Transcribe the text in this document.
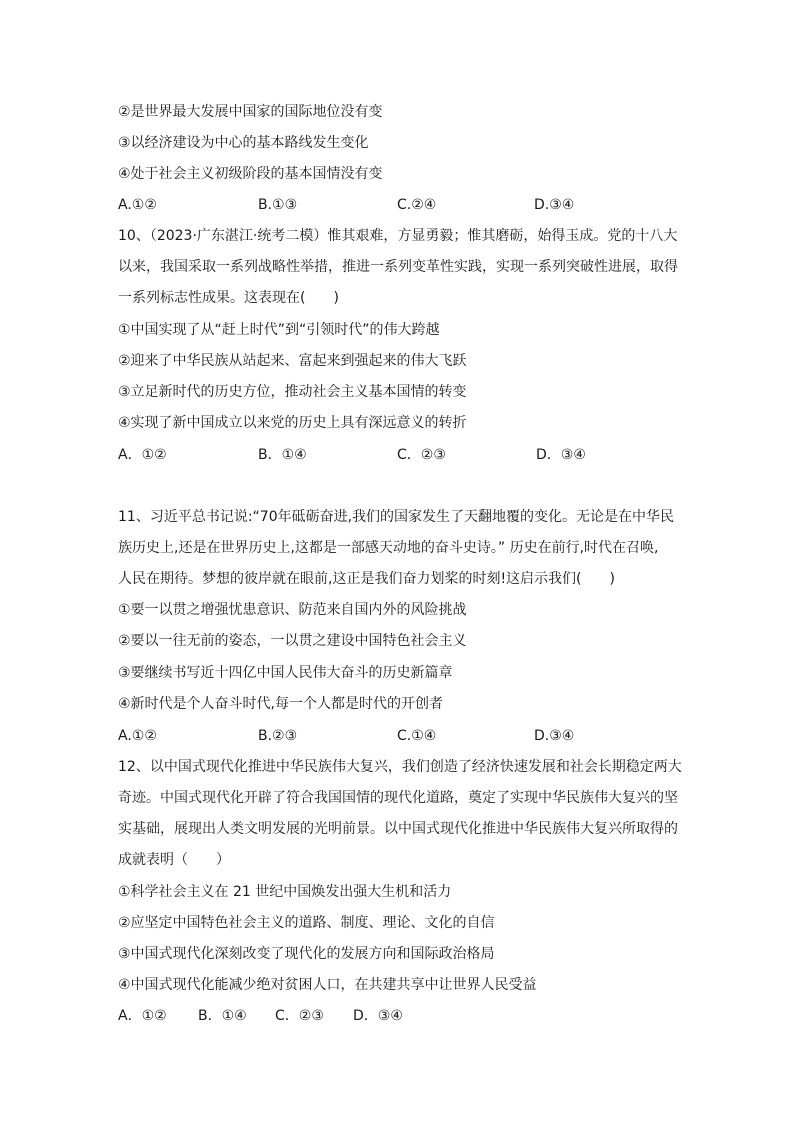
②是世界最大发展中国家的国际地位没有变
③以经济建设为中心的基本路线发生变化
④处于社会主义初级阶段的基本国情没有变
A.①②	B.①③	C.②④	D.③④
10、（2023·广东湛江·统考二模）惟其艰难，方显勇毅；惟其磨砺，始得玉成。党的十八大
以来，我国采取一系列战略性举措，推进一系列变革性实践，实现一系列突破性进展，取得
一系列标志性成果。这表现在(　　)
①中国实现了从“赶上时代”到“引领时代”的伟大跨越
②迎来了中华民族从站起来、富起来到强起来的伟大飞跃
③立足新时代的历史方位，推动社会主义基本国情的转变
④实现了新中国成立以来党的历史上具有深远意义的转折
A．①②	B．①④	C．②③	D．③④
11、习近平总书记说:“70年砥砺奋进,我们的国家发生了天翻地覆的变化。无论是在中华民
族历史上,还是在世界历史上,这都是一部感天动地的奋斗史诗。” 历史在前行,时代在召唤,
人民在期待。梦想的彼岸就在眼前,这正是我们奋力划桨的时刻!这启示我们(　　)
①要一以贯之增强忧患意识、防范来自国内外的风险挑战
②要以一往无前的姿态，一以贯之建设中国特色社会主义
③要继续书写近十四亿中国人民伟大奋斗的历史新篇章
④新时代是个人奋斗时代,每一个人都是时代的开创者
A.①②	B.②③	C.①④	D.③④
12、以中国式现代化推进中华民族伟大复兴，我们创造了经济快速发展和社会长期稳定两大
奇迹。中国式现代化开辟了符合我国国情的现代化道路，奠定了实现中华民族伟大复兴的坚
实基础，展现出人类文明发展的光明前景。以中国式现代化推进中华民族伟大复兴所取得的
成就表明（　　）
①科学社会主义在 21 世纪中国焕发出强大生机和活力
②应坚定中国特色社会主义的道路、制度、理论、文化的自信
③中国式现代化深刻改变了现代化的发展方向和国际政治格局
④中国式现代化能减少绝对贫困人口，在共建共享中让世界人民受益
A．①② B．①④ C．②③ D．③④
